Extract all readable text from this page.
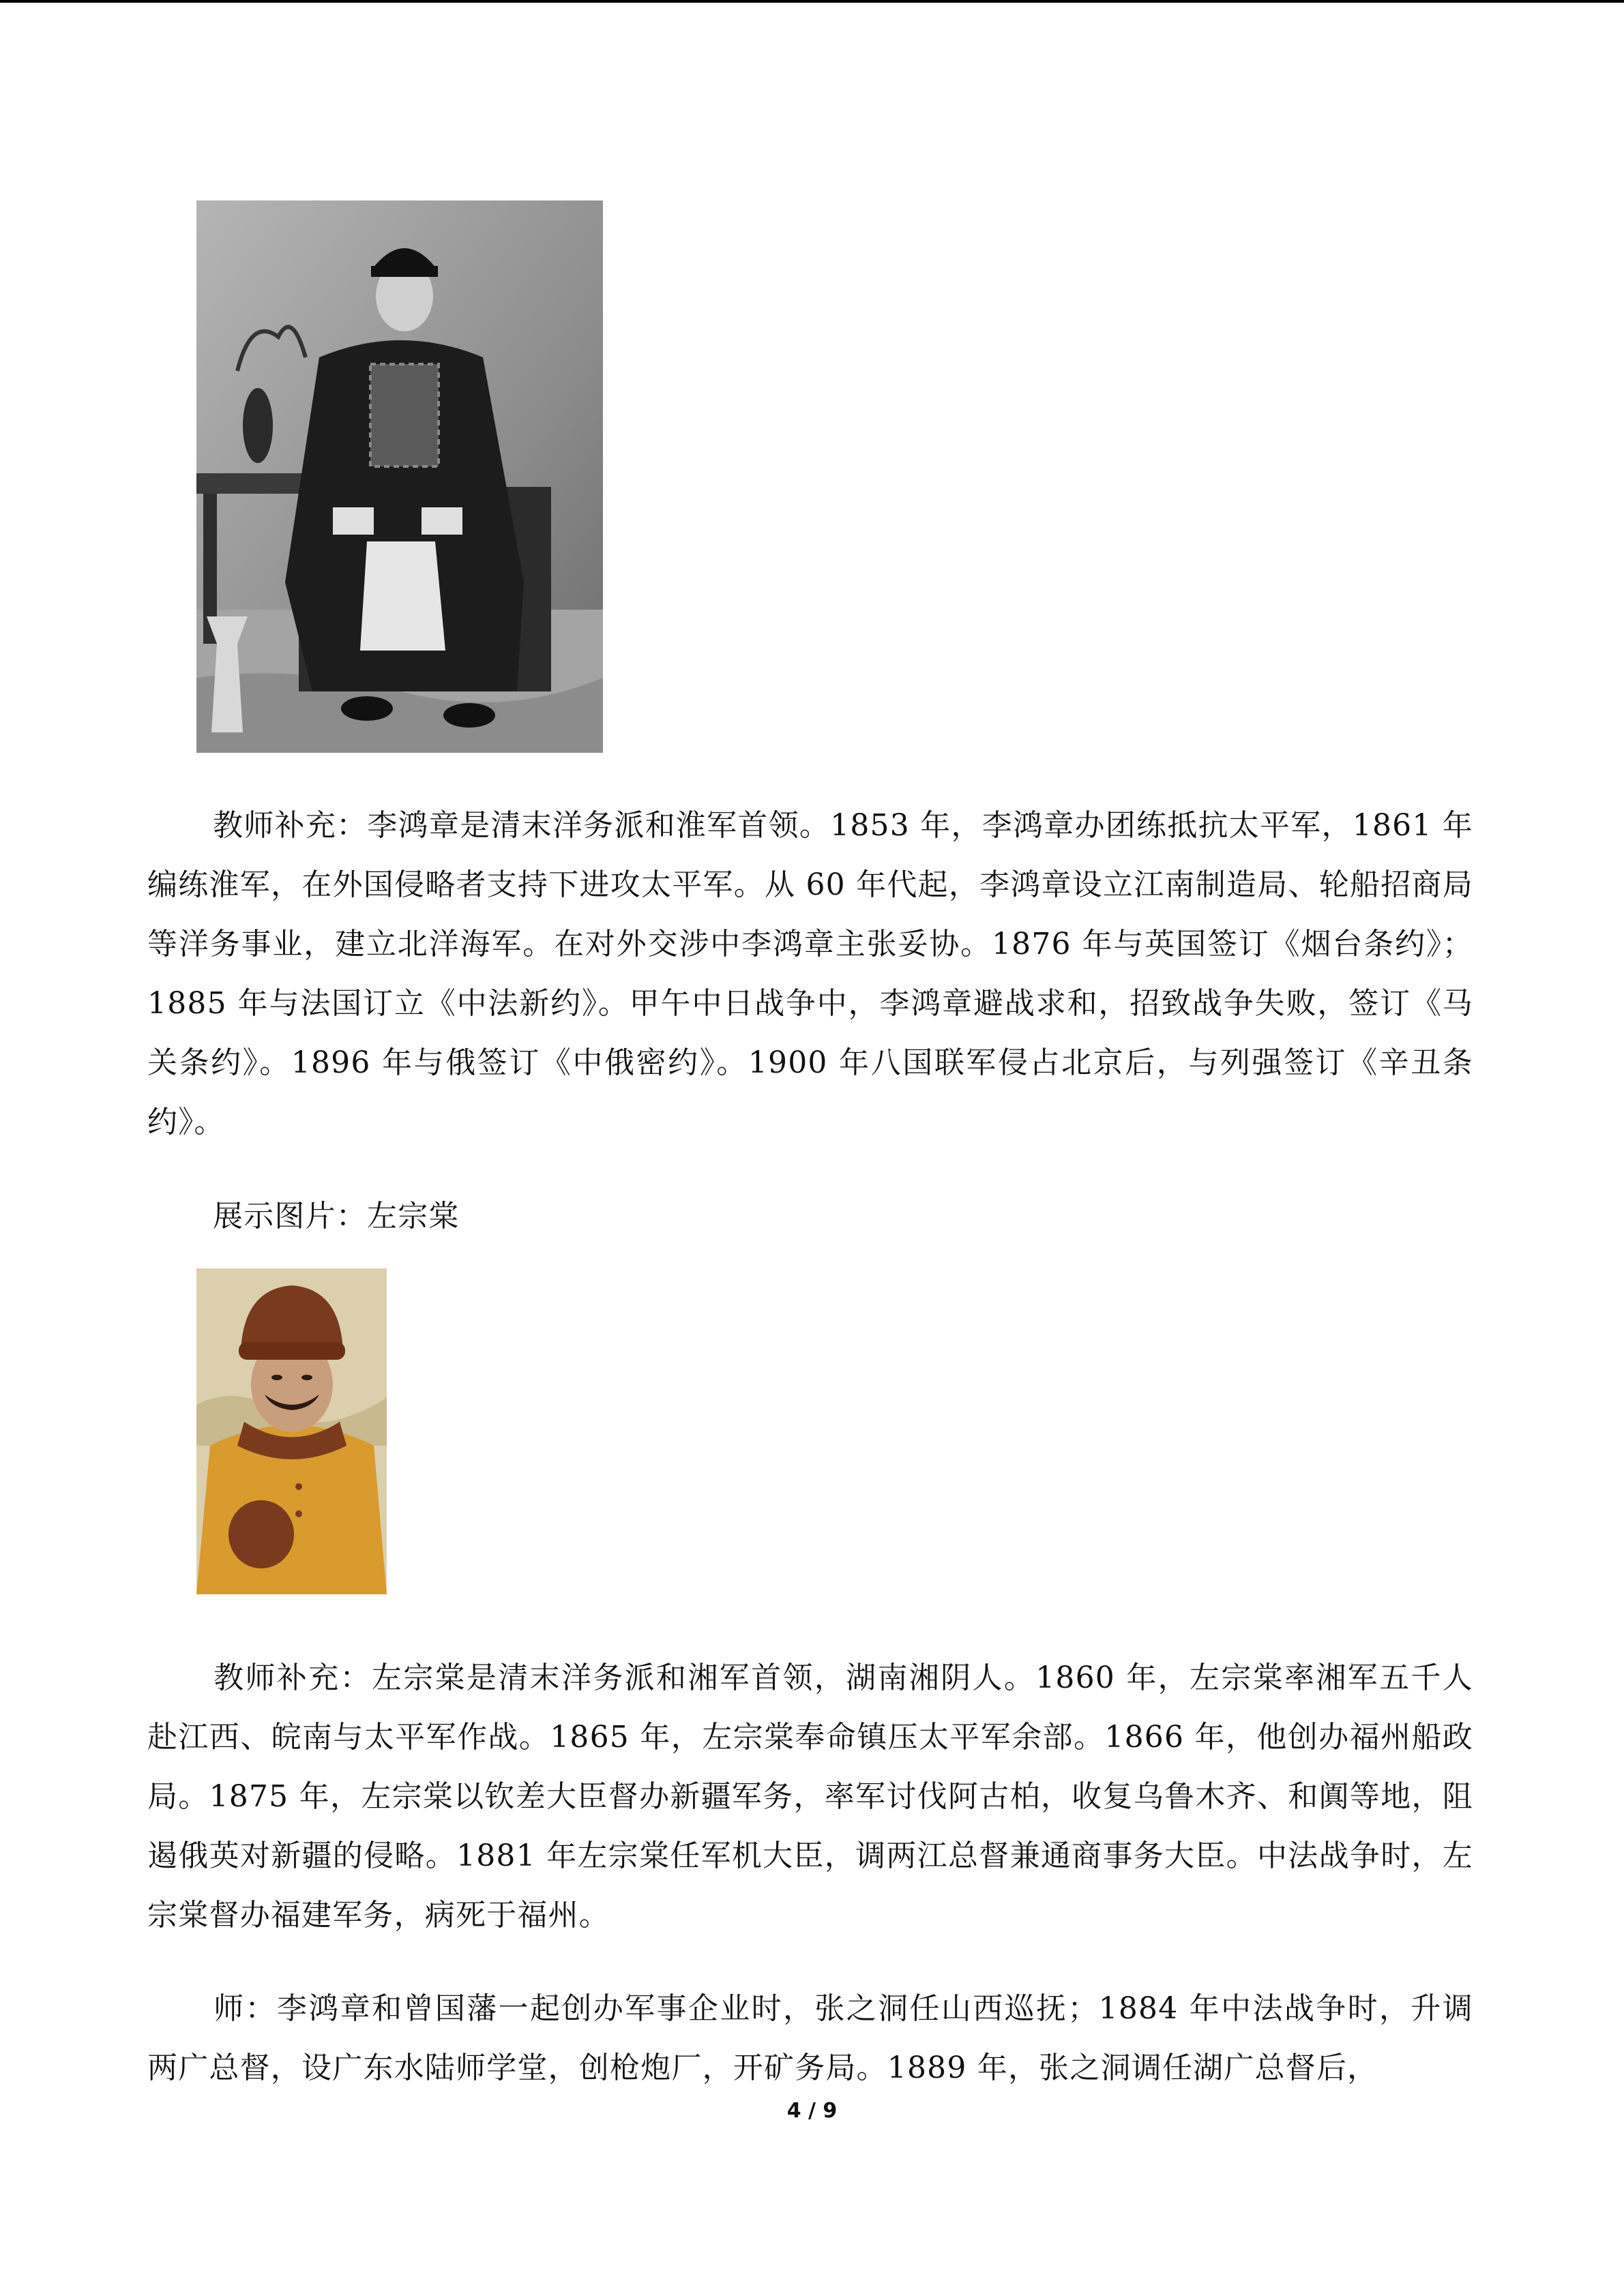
教师补充：李鸿章是清末洋务派和淮军首领。1853 年，李鸿章办团练抵抗太平军，1861 年编练淮军，在外国侵略者支持下进攻太平军。从 60 年代起，李鸿章设立江南制造局、轮船招商局等洋务事业，建立北洋海军。在对外交涉中李鸿章主张妥协。1876 年与英国签订《烟台条约》；1885 年与法国订立《中法新约》。甲午中日战争中，李鸿章避战求和，招致战争失败，签订《马关条约》。1896 年与俄签订《中俄密约》。1900 年八国联军侵占北京后，与列强签订《辛丑条约》。

展示图片：左宗棠

教师补充：左宗棠是清末洋务派和湘军首领，湖南湘阴人。1860 年，左宗棠率湘军五千人赴江西、皖南与太平军作战。1865 年，左宗棠奉命镇压太平军余部。1866 年，他创办福州船政局。1875 年，左宗棠以钦差大臣督办新疆军务，率军讨伐阿古柏，收复乌鲁木齐、和阗等地，阻遏俄英对新疆的侵略。1881 年左宗棠任军机大臣，调两江总督兼通商事务大臣。中法战争时，左宗棠督办福建军务，病死于福州。

师：李鸿章和曾国藩一起创办军事企业时，张之洞任山西巡抚；1884 年中法战争时，升调两广总督，设广东水陆师学堂，创枪炮厂，开矿务局。1889 年，张之洞调任湖广总督后，

4 / 9
